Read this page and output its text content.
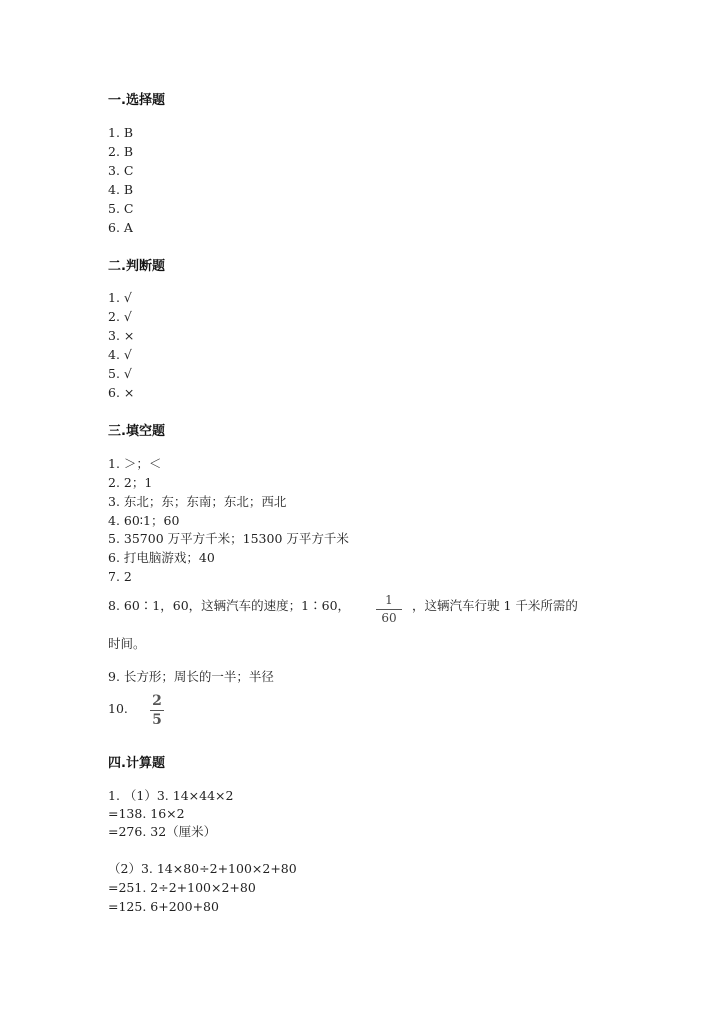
一.选择题
1. B
2. B
3. C
4. B
5. C
6. A
二.判断题
1. √
2. √
3. ×
4. √
5. √
6. ×
三.填空题
1. ＞；＜
2. 2；1
3. 东北；东；东南；东北；西北
4. 60∶1；60
5. 35700 万平方千米；15300 万平方千米
6. 打电脑游戏；40
7. 2
8. 60∶1，60，这辆汽车的速度；1∶60，	1
60
，这辆汽车行驶 1 千米所需的
时间。
9. 长方形；周长的一半；半径
10. 2
5
四.计算题
1. （1）3. 14×44×2
=138. 16×2
=276. 32（厘米）
（2）3. 14×80÷2+100×2+80
=251. 2÷2+100×2+80
=125. 6+200+80
